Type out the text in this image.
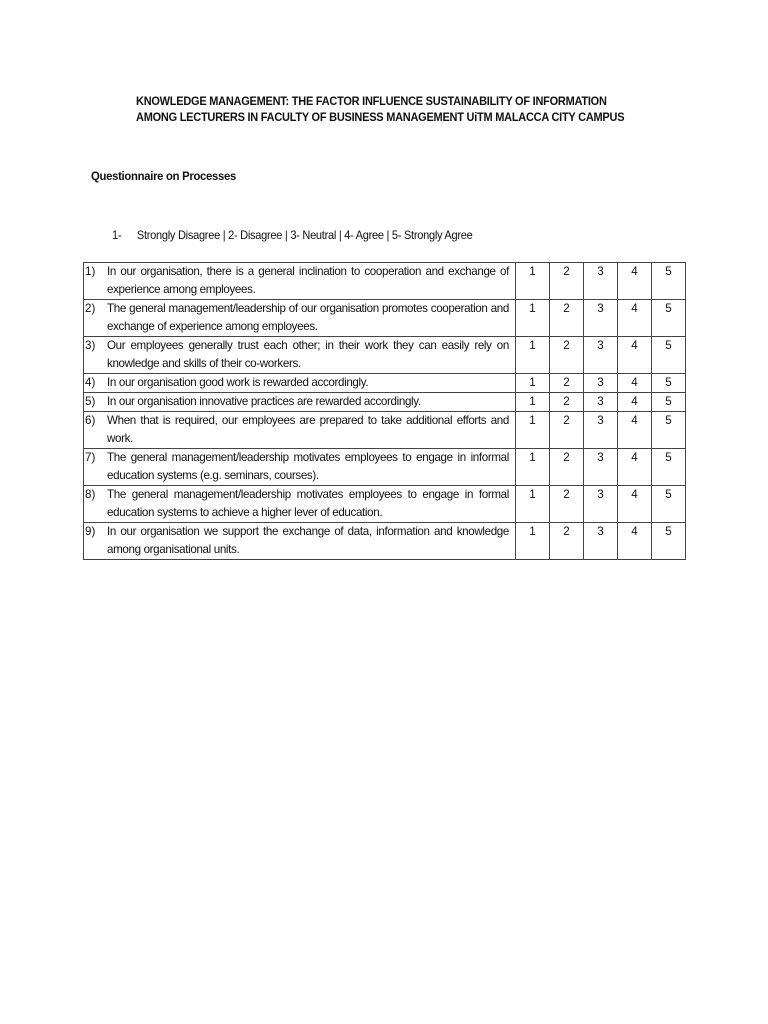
KNOWLEDGE MANAGEMENT: THE FACTOR INFLUENCE SUSTAINABILITY OF INFORMATION
AMONG LECTURERS IN FACULTY OF BUSINESS MANAGEMENT UiTM MALACCA CITY CAMPUS
Questionnaire on Processes
1- Strongly Disagree | 2- Disagree | 3- Neutral | 4- Agree | 5- Strongly Agree
1) In our organisation, there is a general inclination to cooperation and exchange of experience among employees.	1	2	3	4	5

2) The general management/leadership of our organisation promotes cooperation and exchange of experience among employees.	1	2	3	4	5

3) Our employees generally trust each other; in their work they can easily rely on knowledge and skills of their co-workers.	1	2	3	4	5

4) In our organisation good work is rewarded accordingly.	1	2	3	4	5

5) In our organisation innovative practices are rewarded accordingly.	1	2	3	4	5

6) When that is required, our employees are prepared to take additional efforts and work.	1	2	3	4	5

7) The general management/leadership motivates employees to engage in informal education systems (e.g. seminars, courses).	1	2	3	4	5

8) The general management/leadership motivates employees to engage in formal education systems to achieve a higher lever of education.	1	2	3	4	5

9) In our organisation we support the exchange of data, information and knowledge among organisational units.	1	2	3	4	5
